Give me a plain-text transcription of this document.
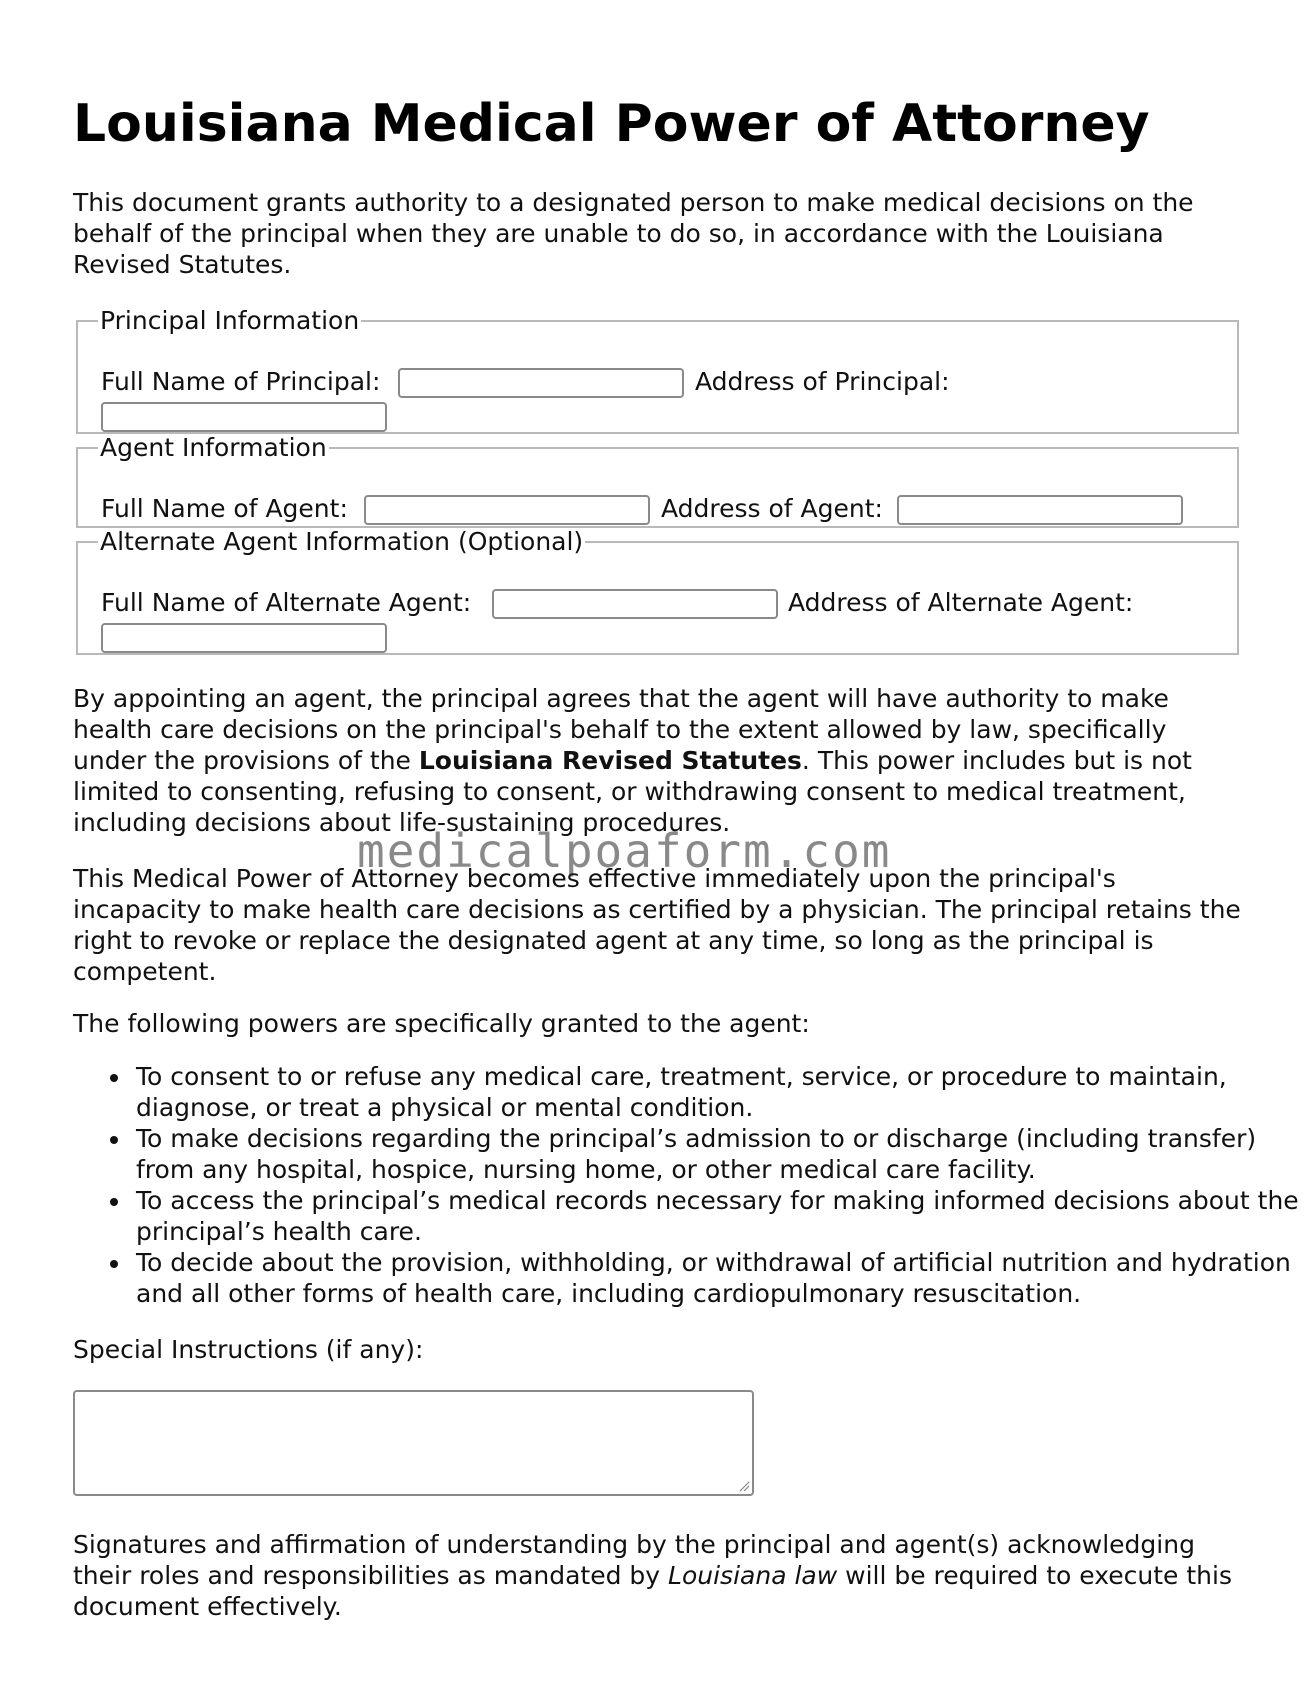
Louisiana Medical Power of Attorney

This document grants authority to a designated person to make medical decisions on the behalf of the principal when they are unable to do so, in accordance with the Louisiana Revised Statutes.

Principal Information
Full Name of Principal:	Address of Principal:
Agent Information
Full Name of Agent:	Address of Agent:
Alternate Agent Information (Optional)
Full Name of Alternate Agent:	Address of Alternate Agent:

By appointing an agent, the principal agrees that the agent will have authority to make health care decisions on the principal's behalf to the extent allowed by law, specifically under the provisions of the Louisiana Revised Statutes. This power includes but is not limited to consenting, refusing to consent, or withdrawing consent to medical treatment, including decisions about life-sustaining procedures.

This Medical Power of Attorney becomes effective immediately upon the principal's incapacity to make health care decisions as certified by a physician. The principal retains the right to revoke or replace the designated agent at any time, so long as the principal is competent.

The following powers are specifically granted to the agent:

To consent to or refuse any medical care, treatment, service, or procedure to maintain, diagnose, or treat a physical or mental condition.
To make decisions regarding the principal’s admission to or discharge (including transfer) from any hospital, hospice, nursing home, or other medical care facility.
To access the principal’s medical records necessary for making informed decisions about the principal’s health care.
To decide about the provision, withholding, or withdrawal of artificial nutrition and hydration and all other forms of health care, including cardiopulmonary resuscitation.

Special Instructions (if any):

Signatures and affirmation of understanding by the principal and agent(s) acknowledging their roles and responsibilities as mandated by Louisiana law will be required to execute this document effectively.

medicalpoaform.com
